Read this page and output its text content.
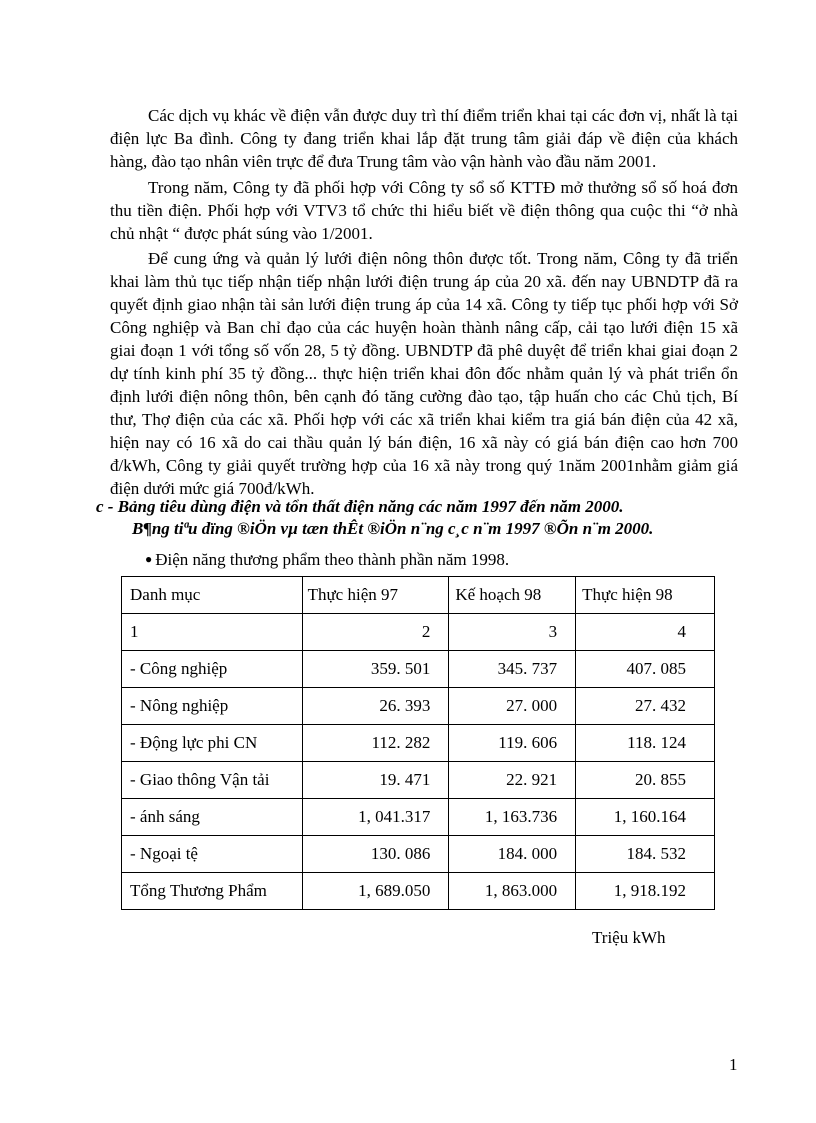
Các dịch vụ khác về điện vẫn được duy trì thí điểm triển khai tại các đơn vị, nhất là tại điện lực Ba đình. Công ty đang triển khai lắp đặt trung tâm giải đáp về điện của khách hàng, đào tạo nhân viên trực để đưa Trung tâm vào vận hành vào đầu năm 2001.

Trong năm, Công ty đã phối hợp với Công ty sổ số KTTĐ mở thưởng sổ số hoá đơn thu tiền điện. Phối hợp với VTV3 tổ chức thi hiểu biết về điện thông qua cuộc thi “ở nhà chủ nhật “ được phát súng vào 1/2001.

Để cung ứng và quản lý lưới điện nông thôn được tốt. Trong năm, Công ty đã triển khai làm thủ tục tiếp nhận tiếp nhận lưới điện trung áp của 20 xã. đến nay UBNDTP đã ra quyết định giao nhận tài sản lưới điện trung áp của 14 xã. Công ty tiếp tục phối hợp với Sở Công nghiệp và Ban chỉ đạo của các huyện hoàn thành nâng cấp, cải tạo lưới điện 15 xã giai đoạn 1 với tổng số vốn 28, 5 tỷ đồng. UBNDTP đã phê duyệt để triển khai giai đoạn 2 dự tính kinh phí 35 tỷ đồng... thực hiện triển khai đôn đốc nhằm quản lý và phát triển ổn định lưới điện nông thôn, bên cạnh đó tăng cường đào tạo, tập huấn cho các Chủ tịch, Bí thư, Thợ điện của các xã. Phối hợp với các xã triển khai kiểm tra giá bán điện của 42 xã, hiện nay có 16 xã do cai thầu quản lý bán điện, 16 xã này có giá bán điện cao hơn 700 đ/kWh, Công ty giải quyết trường hợp của 16 xã này trong quý 1năm 2001nhằm giảm giá điện dưới mức giá 700đ/kWh.

c - Bảng tiêu dùng điện và tổn thất điện năng các năm 1997 đến năm 2000.
B¶ng tiªu dïng ®iÖn vµ tæn thÊt ®iÖn n¨ng c¸c n¨m 1997 ®Õn n¨m 2000.
● Điện năng thương phẩm theo thành phần năm 1998.
Danh mục	Thực hiện 97	Kế hoạch 98	Thực hiện 98
1	2	3	4
- Công nghiệp	359. 501	345. 737	407. 085
- Nông nghiệp	26. 393	27. 000	27. 432
- Động lực phi CN	112. 282	119. 606	118. 124
- Giao thông Vận tải	19. 471	22. 921	20. 855
- ánh sáng	1, 041.317	1, 163.736	1, 160.164
- Ngoại tệ	130. 086	184. 000	184. 532
Tổng Thương Phẩm	1, 689.050	1, 863.000	1, 918.192

Triệu kWh

1
